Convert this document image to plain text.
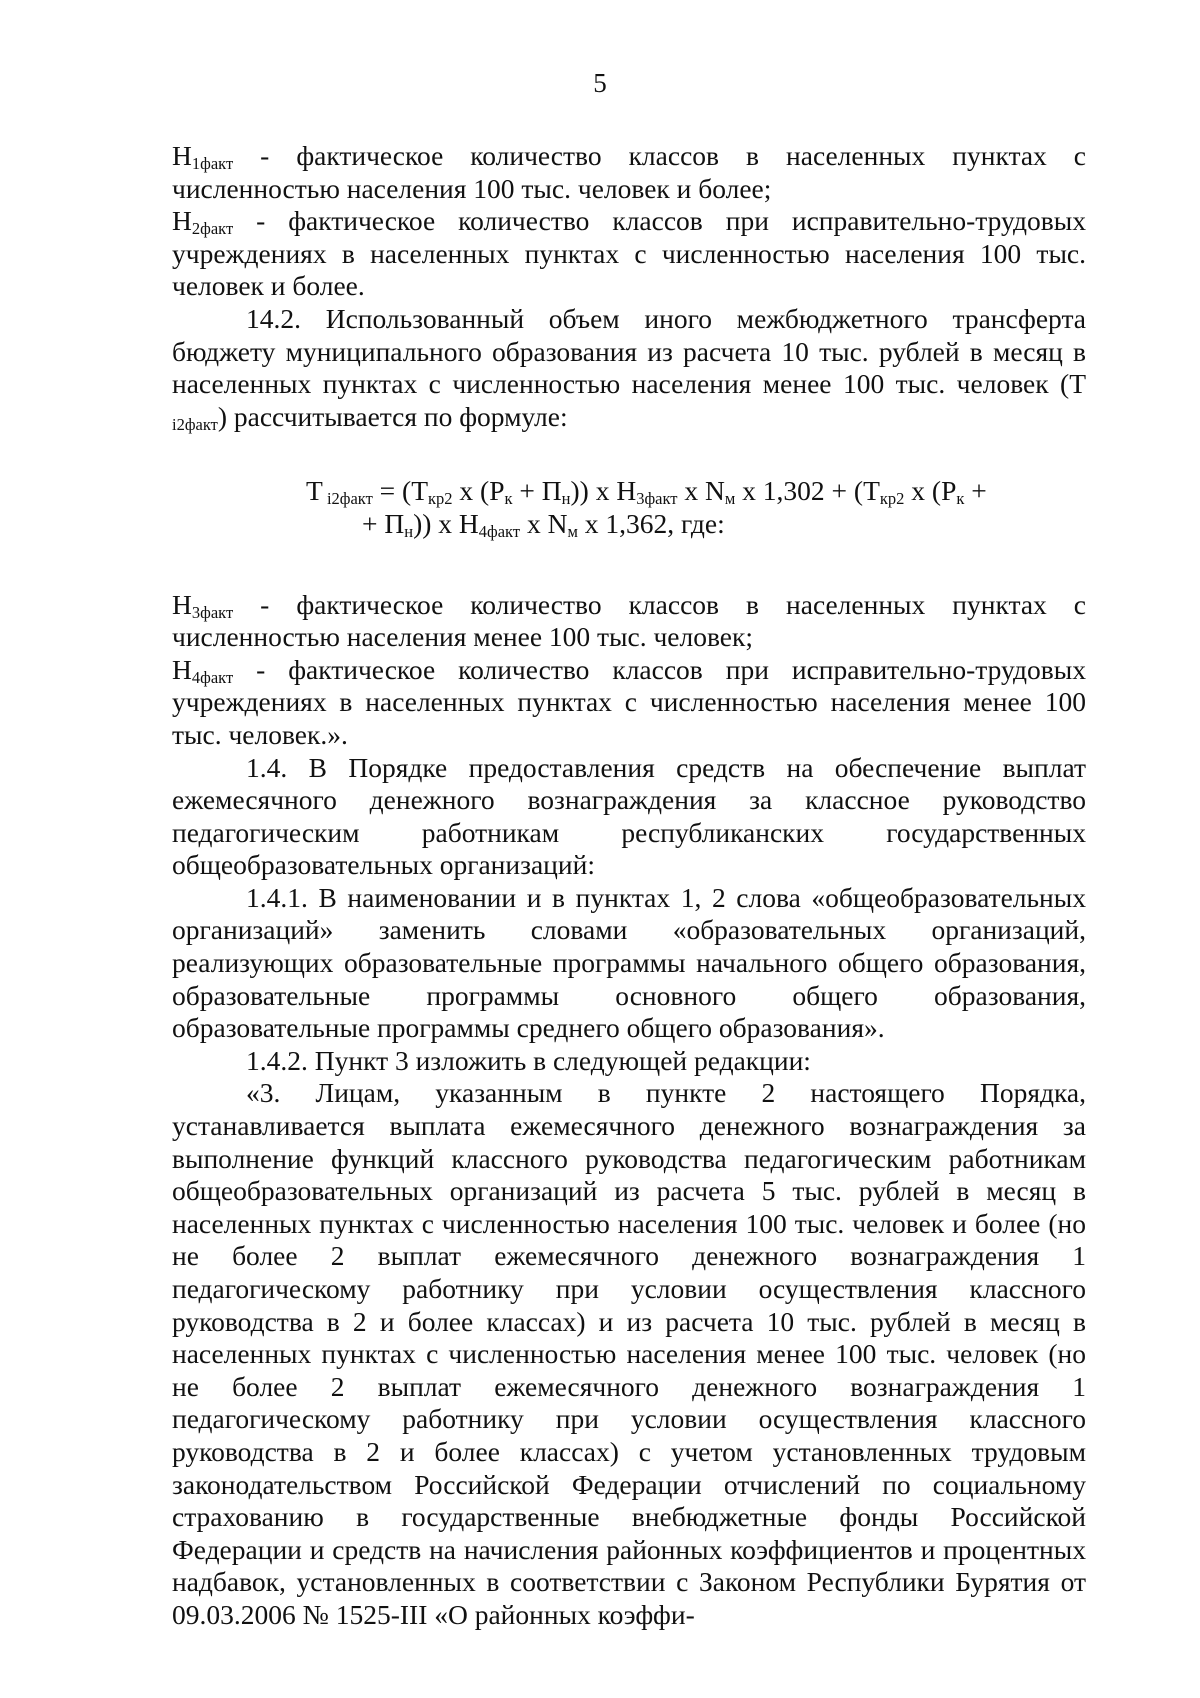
5

$Н_{1факт}$ - фактическое количество классов в населенных пунктах с численностью населения 100 тыс. человек и более;

$Н_{2факт}$ - фактическое количество классов при исправительно-трудовых учреждениях в населенных пунктах с численностью населения 100 тыс. человек и более.

14.2. Использованный объем иного межбюджетного трансферта бюджету муниципального образования из расчета 10 тыс. рублей в месяц в населенных пунктах с численностью населения менее 100 тыс. человек (Т $_{i2факт}$) рассчитывается по формуле:

Т $_{i2факт} = (Т_{кр2}$ х $(Р_к + П_н)$) х $Н_{3факт}$ х $N_м$ х $1,302 + (Т_{кр2}$ х ($Р_к$ +
+ $П_н$)) х $Н_{4факт}$ х $N_м$ х 1,362, где:

$Н_{3факт}$ - фактическое количество классов в населенных пунктах с численностью населения менее 100 тыс. человек;

$Н_{4факт}$ - фактическое количество классов при исправительно-трудовых учреждениях в населенных пунктах с численностью населения менее 100 тыс. человек.».

1.4. В Порядке предоставления средств на обеспечение выплат ежемесячного денежного вознаграждения за классное руководство педагогическим работникам республиканских государственных общеобразовательных организаций:

1.4.1. В наименовании и в пунктах 1, 2 слова «общеобразовательных организаций» заменить словами «образовательных организаций, реализующих образовательные программы начального общего образования, образовательные программы основного общего образования, образовательные программы среднего общего образования».

1.4.2. Пункт 3 изложить в следующей редакции:

«3. Лицам, указанным в пункте 2 настоящего Порядка, устанавливается выплата ежемесячного денежного вознаграждения за выполнение функций классного руководства педагогическим работникам общеобразовательных организаций из расчета 5 тыс. рублей в месяц в населенных пунктах с численностью населения 100 тыс. человек и более (но не более 2 выплат ежемесячного денежного вознаграждения 1 педагогическому работнику при условии осуществления классного руководства в 2 и более классах) и из расчета 10 тыс. рублей в месяц в населенных пунктах с численностью населения менее 100 тыс. человек (но не более 2 выплат ежемесячного денежного вознаграждения 1 педагогическому работнику при условии осуществления классного руководства в 2 и более классах) с учетом установленных трудовым законодательством Российской Федерации отчислений по социальному страхованию в государственные внебюджетные фонды Российской Федерации и средств на начисления районных коэффициентов и процентных надбавок, установленных в соответствии с Законом Республики Бурятия от 09.03.2006 № 1525-III «О районных коэффи-
